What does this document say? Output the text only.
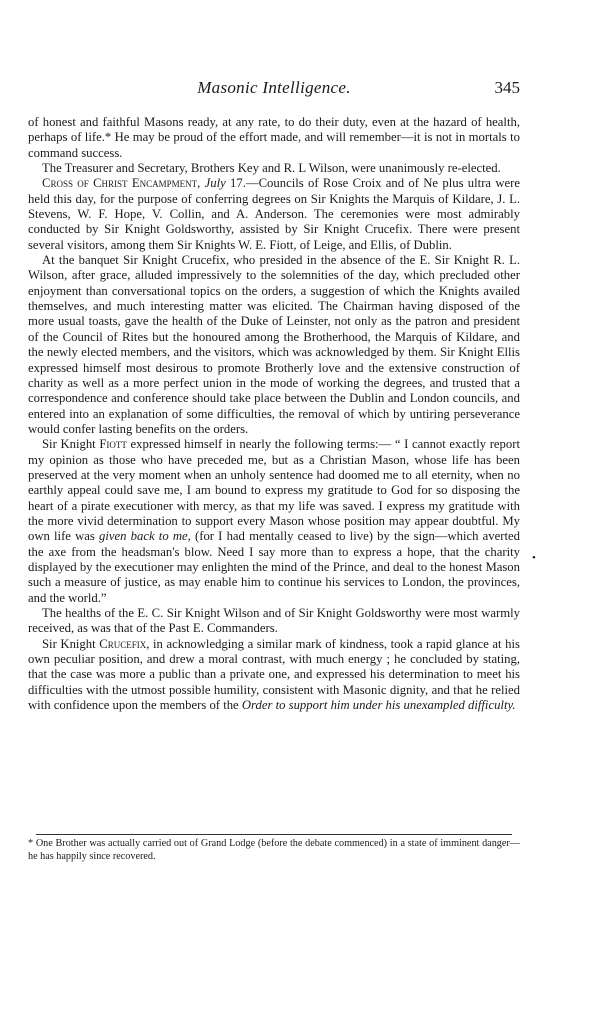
Masonic Intelligence.	345

of honest and faithful Masons ready, at any rate, to do their duty, even at the hazard of health, perhaps of life.* He may be proud of the effort made, and will remember—it is not in mortals to command success.

The Treasurer and Secretary, Brothers Key and R. L Wilson, were unanimously re-elected.

Cross of Christ Encampment, July 17.—Councils of Rose Croix and of Ne plus ultra were held this day, for the purpose of conferring degrees on Sir Knights the Marquis of Kildare, J. L. Stevens, W. F. Hope, V. Collin, and A. Anderson. The ceremonies were most admirably conducted by Sir Knight Goldsworthy, assisted by Sir Knight Crucefix. There were present several visitors, among them Sir Knights W. E. Fiott, of Leige, and Ellis, of Dublin.

At the banquet Sir Knight Crucefix, who presided in the absence of the E. Sir Knight R. L. Wilson, after grace, alluded impressively to the solemnities of the day, which precluded other enjoyment than conversational topics on the orders, a suggestion of which the Knights availed themselves, and much interesting matter was elicited. The Chairman having disposed of the more usual toasts, gave the health of the Duke of Leinster, not only as the patron and president of the Council of Rites but the honoured among the Brotherhood, the Marquis of Kildare, and the newly elected members, and the visitors, which was acknowledged by them. Sir Knight Ellis expressed himself most desirous to promote Brotherly love and the extensive construction of charity as well as a more perfect union in the mode of working the degrees, and trusted that a correspondence and conference should take place between the Dublin and London councils, and entered into an explanation of some difficulties, the removal of which by untiring perseverance would confer lasting benefits on the orders.

Sir Knight Fiott expressed himself in nearly the following terms:— “ I cannot exactly report my opinion as those who have preceded me, but as a Christian Mason, whose life has been preserved at the very moment when an unholy sentence had doomed me to all eternity, when no earthly appeal could save me, I am bound to express my gratitude to God for so disposing the heart of a pirate executioner with mercy, as that my life was saved. I express my gratitude with the more vivid determination to support every Mason whose position may appear doubtful. My own life was given back to me, (for I had mentally ceased to live) by the sign—which averted the axe from the headsman's blow. Need I say more than to express a hope, that the charity displayed by the executioner may enlighten the mind of the Prince, and deal to the honest Mason such a measure of justice, as may enable him to continue his services to London, the provinces, and the world.”

The healths of the E. C. Sir Knight Wilson and of Sir Knight Goldsworthy were most warmly received, as was that of the Past E. Commanders.

Sir Knight Crucefix, in acknowledging a similar mark of kindness, took a rapid glance at his own peculiar position, and drew a moral contrast, with much energy ; he concluded by stating, that the case was more a public than a private one, and expressed his determination to meet his difficulties with the utmost possible humility, consistent with Masonic dignity, and that he relied with confidence upon the members of the Order to support him under his unexampled difficulty.

•
* One Brother was actually carried out of Grand Lodge (before the debate commenced) in a state of imminent danger—he has happily since recovered.
